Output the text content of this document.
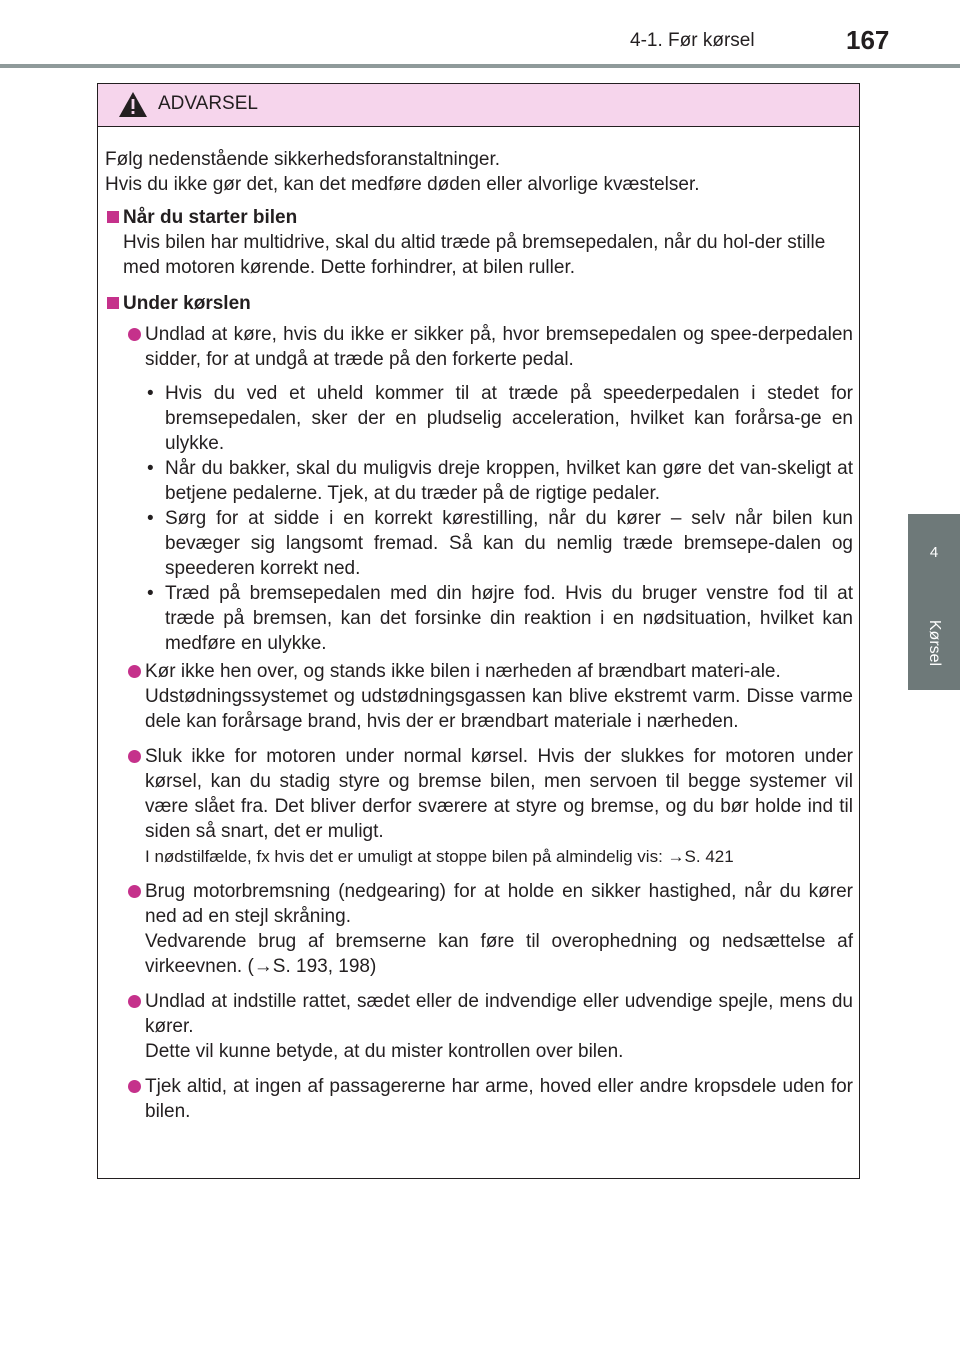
4-1. Før kørsel	167
4
Kørsel
ADVARSEL

Følg nedenstående sikkerhedsforanstaltninger.

Hvis du ikke gør det, kan det medføre døden eller alvorlige kvæstelser.

Når du starter bilen
Hvis bilen har multidrive, skal du altid træde på bremsepedalen, når du hol-der stille med motoren kørende. Dette forhindrer, at bilen ruller.
Under kørslen
Undlad at køre, hvis du ikke er sikker på, hvor bremsepedalen og spee-derpedalen sidder, for at undgå at træde på den forkerte pedal.
• Hvis du ved et uheld kommer til at træde på speederpedalen i stedet for bremsepedalen, sker der en pludselig acceleration, hvilket kan forårsa-ge en ulykke.
• Når du bakker, skal du muligvis dreje kroppen, hvilket kan gøre det van-skeligt at betjene pedalerne. Tjek, at du træder på de rigtige pedaler.
• Sørg for at sidde i en korrekt kørestilling, når du kører – selv når bilen kun bevæger sig langsomt fremad. Så kan du nemlig træde bremsepe-dalen og speederen korrekt ned.
• Træd på bremsepedalen med din højre fod. Hvis du bruger venstre fod til at træde på bremsen, kan det forsinke din reaktion i en nødsituation, hvilket kan medføre en ulykke.
Kør ikke hen over, og stands ikke bilen i nærheden af brændbart materi-ale.
Udstødningssystemet og udstødningsgassen kan blive ekstremt varm. Disse varme dele kan forårsage brand, hvis der er brændbart materiale i nærheden.
Sluk ikke for motoren under normal kørsel. Hvis der slukkes for motoren under kørsel, kan du stadig styre og bremse bilen, men servoen til begge systemer vil være slået fra. Det bliver derfor sværere at styre og bremse, og du bør holde ind til siden så snart, det er muligt.
I nødstilfælde, fx hvis det er umuligt at stoppe bilen på almindelig vis: →S. 421
Brug motorbremsning (nedgearing) for at holde en sikker hastighed, når du kører ned ad en stejl skråning.
Vedvarende brug af bremserne kan føre til overophedning og nedsættelse af virkeevnen. (→S. 193, 198)
Undlad at indstille rattet, sædet eller de indvendige eller udvendige spejle, mens du kører.
Dette vil kunne betyde, at du mister kontrollen over bilen.
Tjek altid, at ingen af passagererne har arme, hoved eller andre kropsdele uden for bilen.
